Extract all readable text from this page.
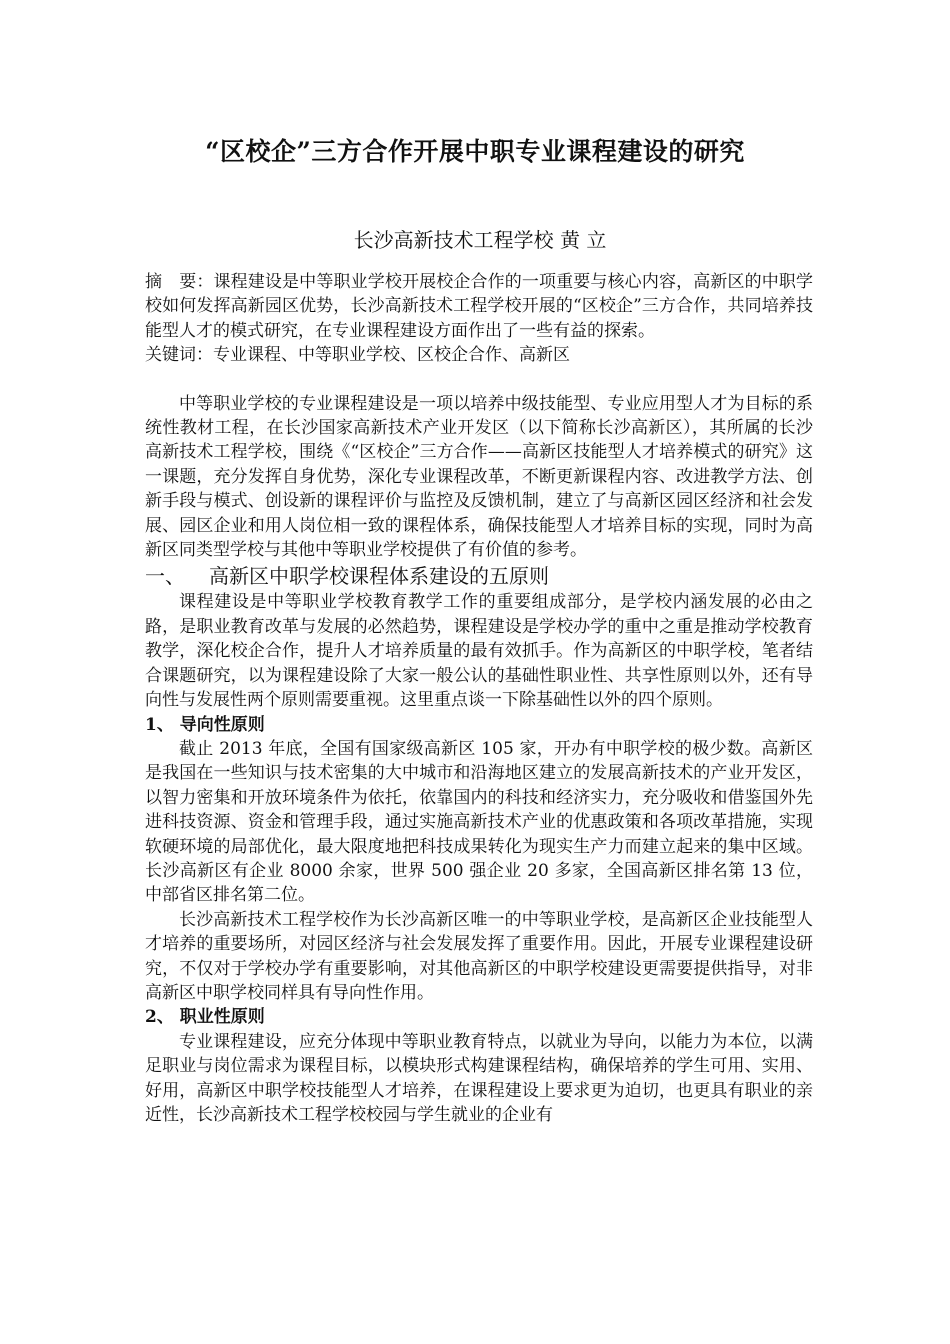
“区校企”三方合作开展中职专业课程建设的研究
长沙高新技术工程学校 黄 立

摘　要：课程建设是中等职业学校开展校企合作的一项重要与核心内容，高新区的中职学校如何发挥高新园区优势，长沙高新技术工程学校开展的“区校企”三方合作，共同培养技能型人才的模式研究，在专业课程建设方面作出了一些有益的探索。

关键词：专业课程、中等职业学校、区校企合作、高新区

中等职业学校的专业课程建设是一项以培养中级技能型、专业应用型人才为目标的系统性教材工程，在长沙国家高新技术产业开发区（以下简称长沙高新区），其所属的长沙高新技术工程学校，围绕《“区校企”三方合作——高新区技能型人才培养模式的研究》这一课题，充分发挥自身优势，深化专业课程改革，不断更新课程内容、改进教学方法、创新手段与模式、创设新的课程评价与监控及反馈机制，建立了与高新区园区经济和社会发展、园区企业和用人岗位相一致的课程体系，确保技能型人才培养目标的实现，同时为高新区同类型学校与其他中等职业学校提供了有价值的参考。

一、 高新区中职学校课程体系建设的五原则

课程建设是中等职业学校教育教学工作的重要组成部分，是学校内涵发展的必由之路，是职业教育改革与发展的必然趋势，课程建设是学校办学的重中之重是推动学校教育教学，深化校企合作，提升人才培养质量的最有效抓手。作为高新区的中职学校，笔者结合课题研究，以为课程建设除了大家一般公认的基础性职业性、共享性原则以外，还有导向性与发展性两个原则需要重视。这里重点谈一下除基础性以外的四个原则。

1、 导向性原则

截止 2013 年底，全国有国家级高新区 105 家，开办有中职学校的极少数。高新区是我国在一些知识与技术密集的大中城市和沿海地区建立的发展高新技术的产业开发区，以智力密集和开放环境条件为依托，依靠国内的科技和经济实力，充分吸收和借鉴国外先进科技资源、资金和管理手段，通过实施高新技术产业的优惠政策和各项改革措施，实现软硬环境的局部优化，最大限度地把科技成果转化为现实生产力而建立起来的集中区域。长沙高新区有企业 8000 余家，世界 500 强企业 20 多家，全国高新区排名第 13 位，中部省区排名第二位。

长沙高新技术工程学校作为长沙高新区唯一的中等职业学校，是高新区企业技能型人才培养的重要场所，对园区经济与社会发展发挥了重要作用。因此，开展专业课程建设研究，不仅对于学校办学有重要影响，对其他高新区的中职学校建设更需要提供指导，对非高新区中职学校同样具有导向性作用。

2、 职业性原则

专业课程建设，应充分体现中等职业教育特点，以就业为导向，以能力为本位，以满足职业与岗位需求为课程目标，以模块形式构建课程结构，确保培养的学生可用、实用、好用，高新区中职学校技能型人才培养，在课程建设上要求更为迫切，也更具有职业的亲近性，长沙高新技术工程学校校园与学生就业的企业有
